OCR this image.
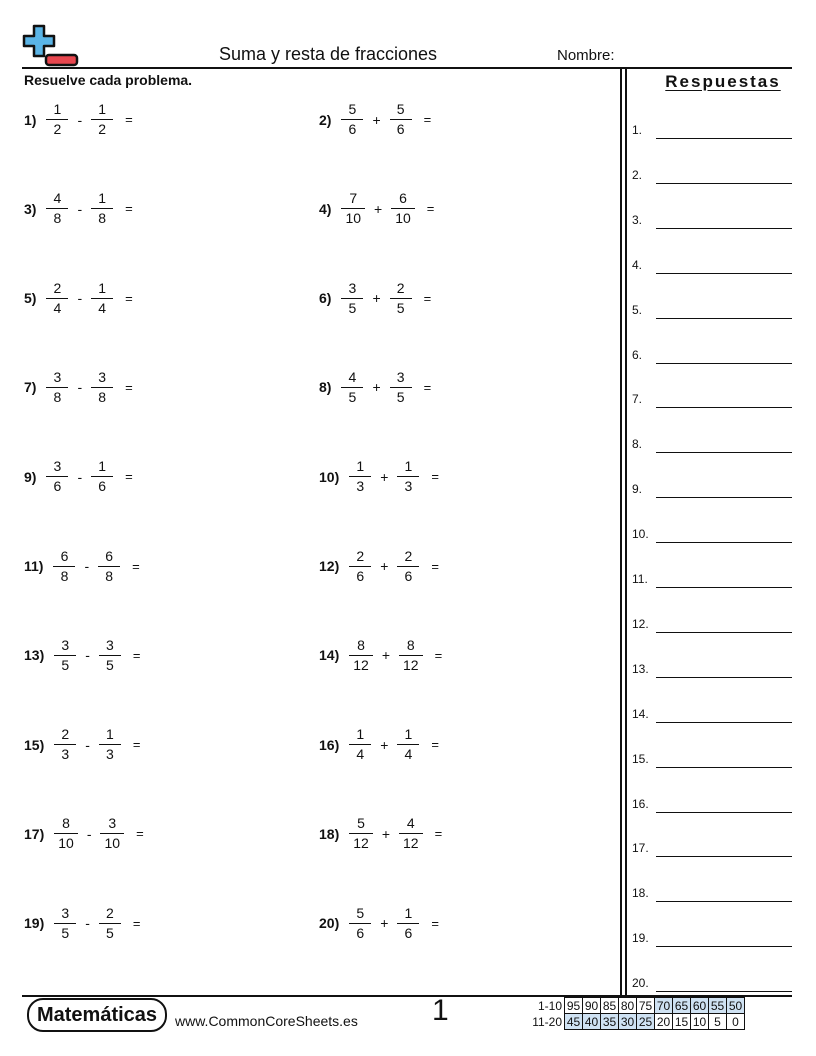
Suma y resta de fracciones	Nombre:
Resuelve cada problema.	Respuestas
$1) \frac{1}{2} - \frac{1}{2}$ =	$2) \frac{5}{6} + \frac{5}{6}$ =
$3) \frac{4}{8} - \frac{1}{8}$ =	$4) \frac{7}{10} + \frac{6}{10}$ =
$5) \frac{2}{4} - \frac{1}{4}$ =	$6) \frac{3}{5} + \frac{2}{5}$ =
$7) \frac{3}{8} - \frac{3}{8}$ =	$8) \frac{4}{5} + \frac{3}{5}$ =
$9) \frac{3}{6} - \frac{1}{6}$ =	$10) \frac{1}{3} + \frac{1}{3}$ =
$11) \frac{6}{8} - \frac{6}{8}$ =	$12) \frac{2}{6} + \frac{2}{6}$ =
$13) \frac{3}{5} - \frac{3}{5}$ =	$14) \frac{8}{12} + \frac{8}{12}$ =
$15) \frac{2}{3} - \frac{1}{3}$ =	$16) \frac{1}{4} + \frac{1}{4}$ =
$17) \frac{8}{10} - \frac{3}{10}$ =	$18) \frac{5}{12} + \frac{4}{12}$ =
$19) \frac{3}{5} - \frac{2}{5}$ =	$20) \frac{5}{6} + \frac{1}{6}$ =
1.
2.
3.
4.
5.
6.
7.
8.
9.
10.
11.
12.
13.
14.
15.
16.
17.
18.
19.
20.
Matemáticas	www.CommonCoreSheets.es 1	1-10	95	90	85	80	75	70	65	60	55	50
11-20	45	40	35	30	25	20	15	10	5	0
